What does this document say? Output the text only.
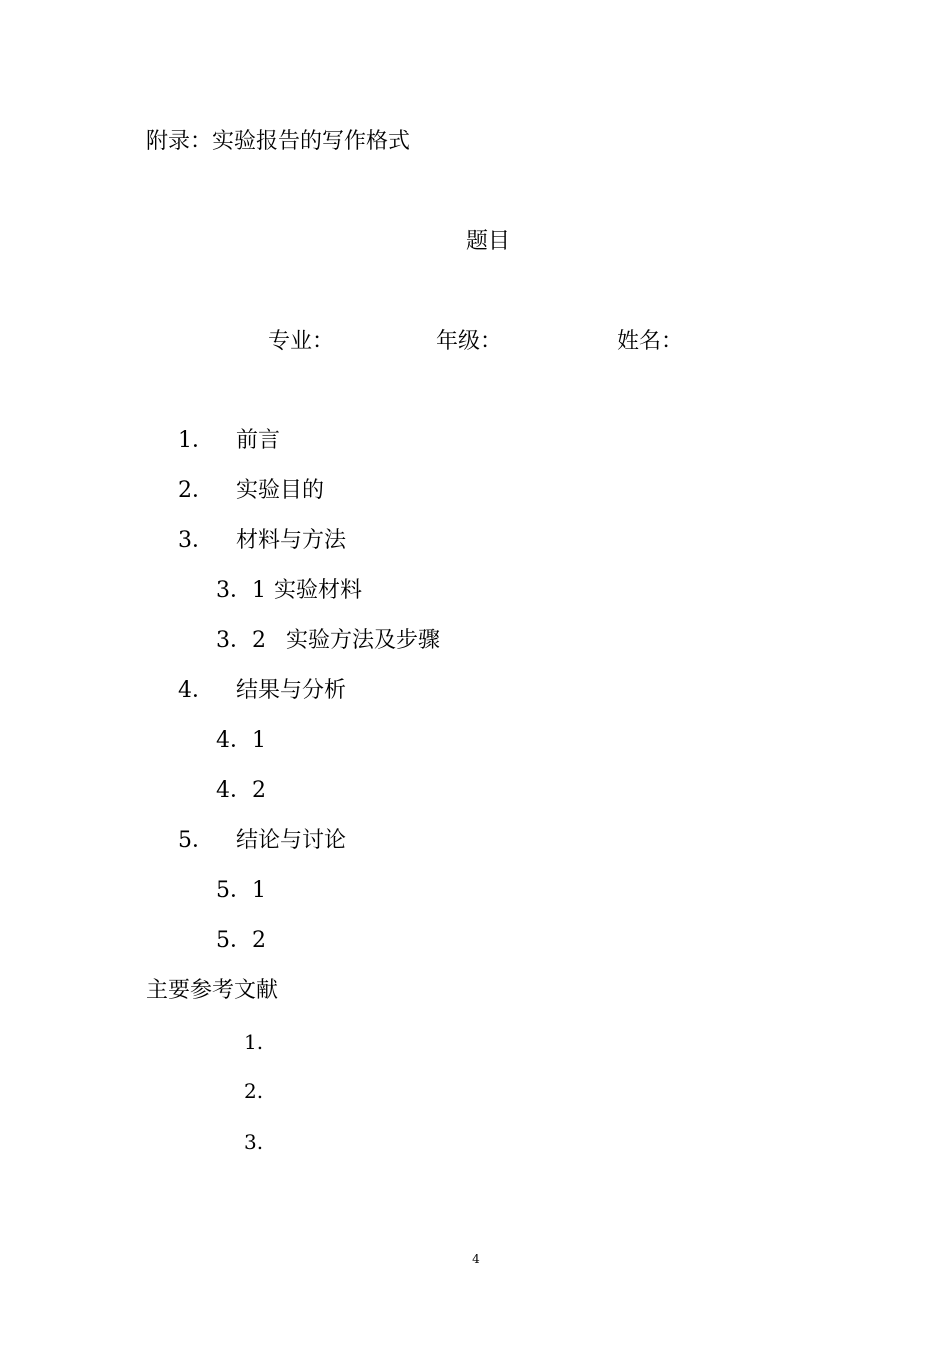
附录：实验报告的写作格式
题目
专业：	年级：	姓名：
1． 前言
2． 实验目的
3． 材料与方法
3．1 实验材料
3．2 实验方法及步骤
4． 结果与分析
4．1
4．2
5． 结论与讨论
5．1
5．2
主要参考文献
1.
2.
3.
4
